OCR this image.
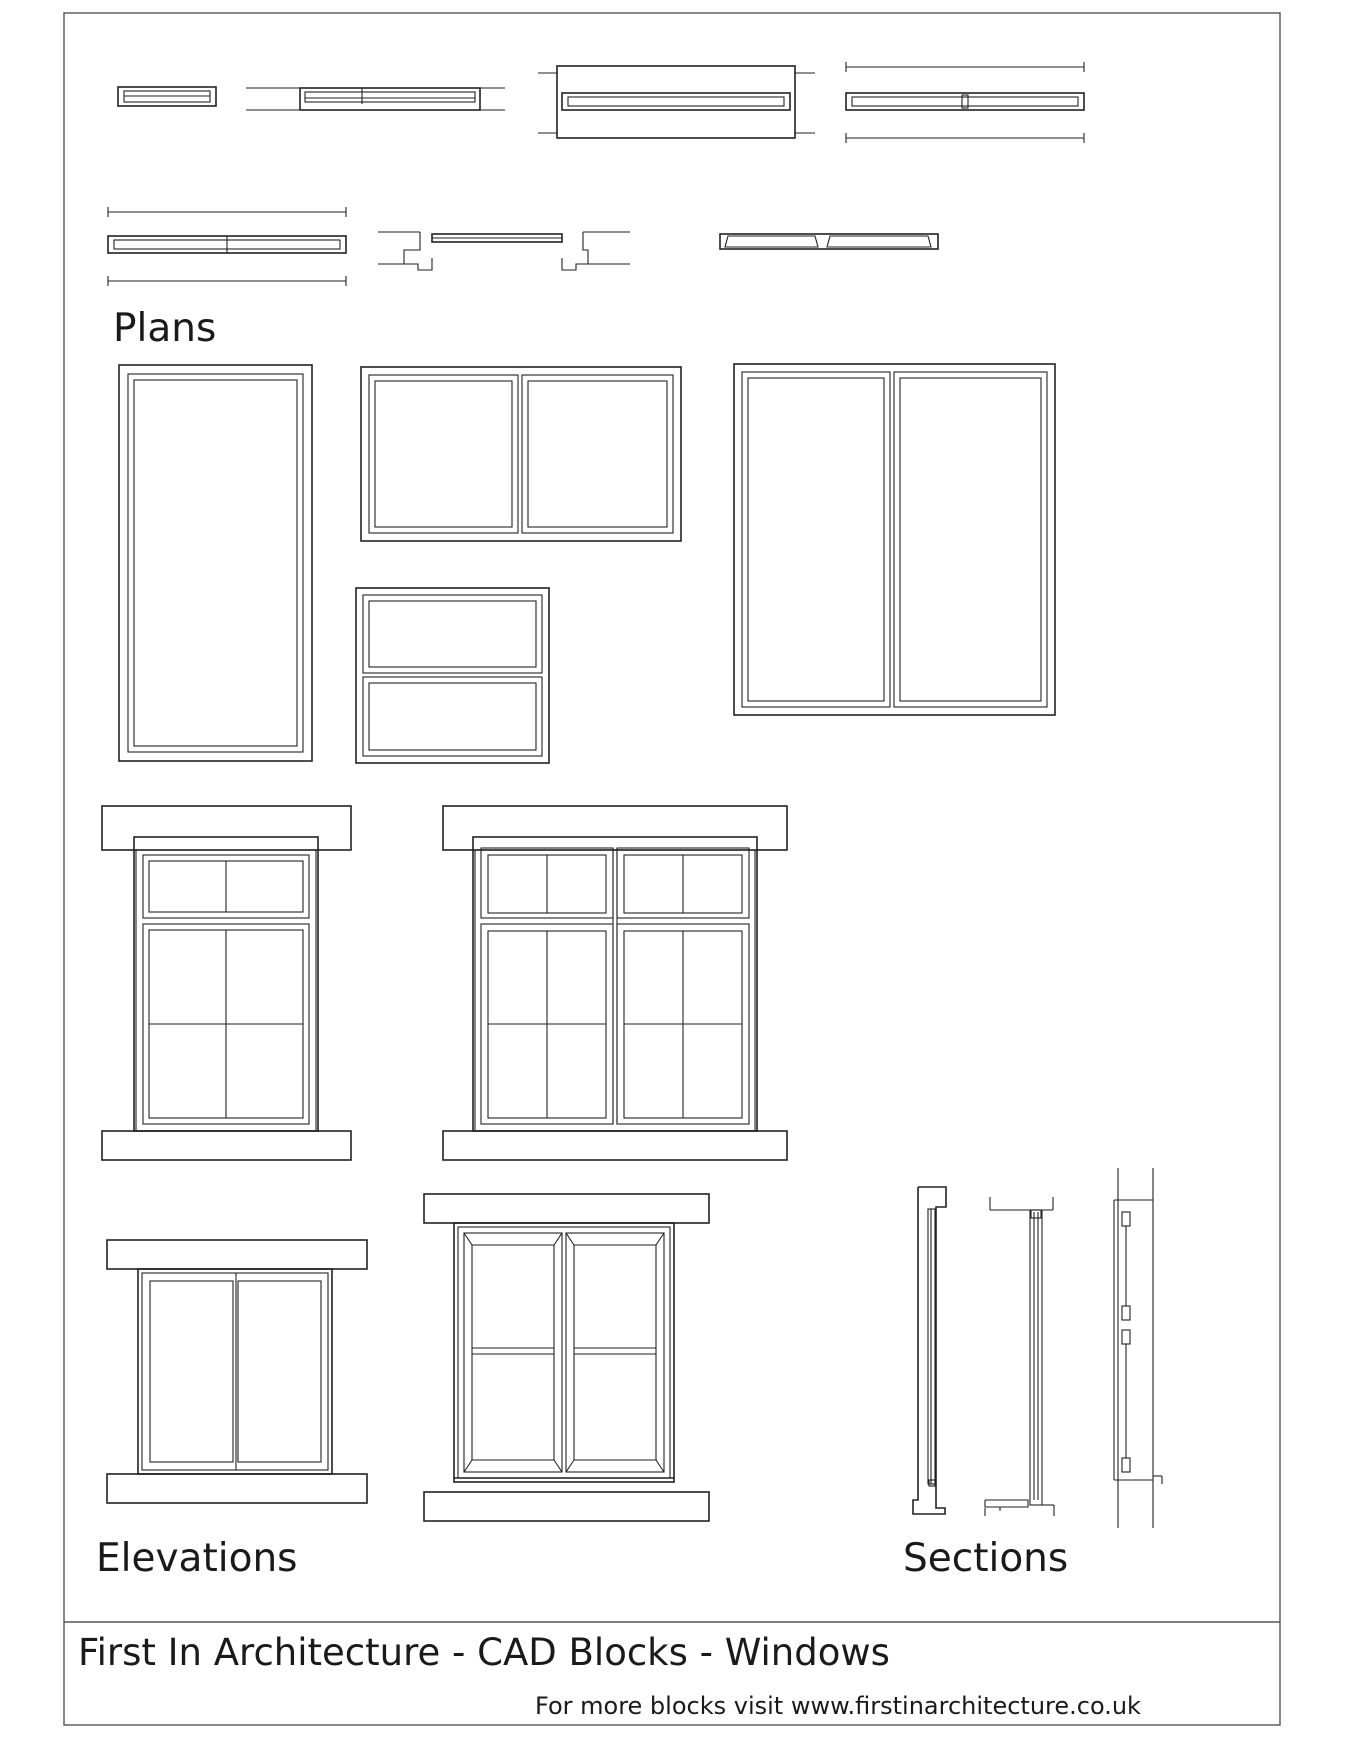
Plans
Elevations	Sections
First In Architecture - CAD Blocks - Windows
For more blocks visit www.firstinarchitecture.co.uk
